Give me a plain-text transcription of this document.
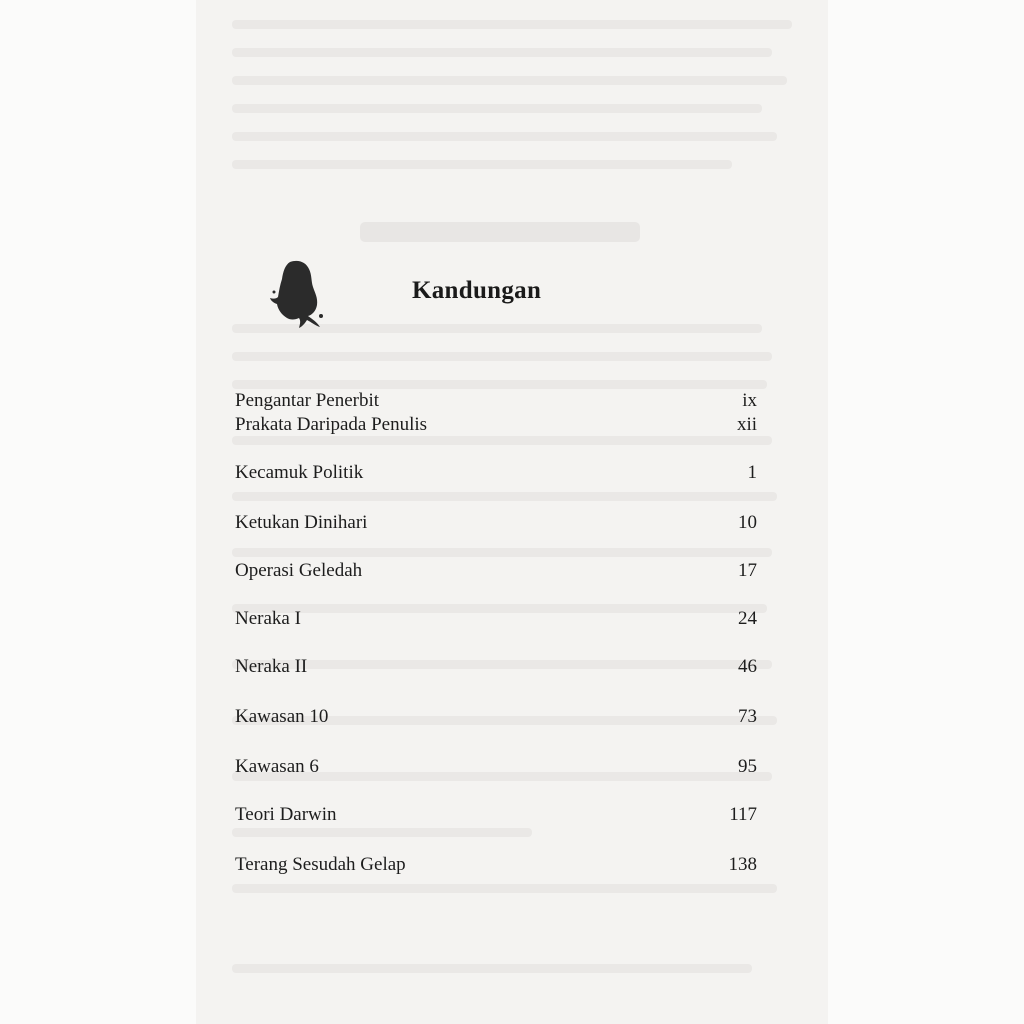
Kandungan
Pengantar Penerbit	ix
Prakata Daripada Penulis	xii
Kecamuk Politik	1
Ketukan Dinihari	10
Operasi Geledah	17
Neraka I	24
Neraka II	46
Kawasan 10	73
Kawasan 6	95
Teori Darwin	117
Terang Sesudah Gelap	138
